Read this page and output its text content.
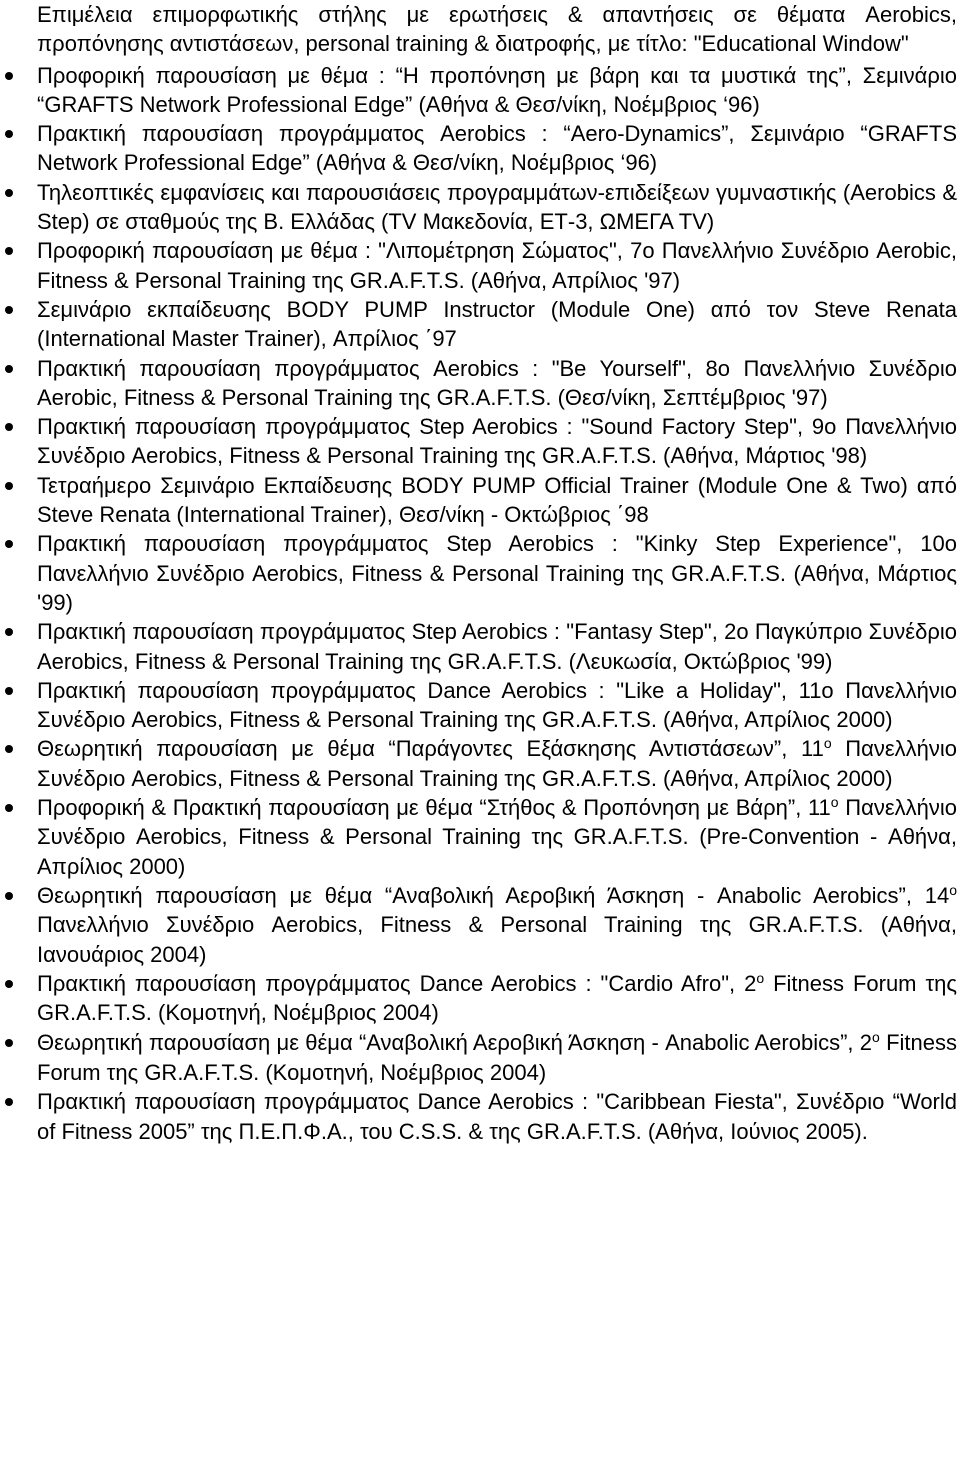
Επιμέλεια επιμορφωτικής στήλης με ερωτήσεις & απαντήσεις σε θέματα Aerobics, προπόνησης αντιστάσεων, personal training & διατροφής, με τίτλο: "Educational Window"
Προφορική παρουσίαση με θέμα : “Η προπόνηση με βάρη και τα μυστικά της”, Σεμινάριο “GRAFTS Network Professional Edge” (Αθήνα & Θεσ/νίκη, Νοέμβριος ‘96)
Πρακτική παρουσίαση προγράμματος Aerobics : “Aero-Dynamics”, Σεμινάριο “GRAFTS Network Professional Edge” (Αθήνα & Θεσ/νίκη, Νοέμβριος ‘96)
Τηλεοπτικές εμφανίσεις και παρουσιάσεις προγραμμάτων-επιδείξεων γυμναστικής (Aerobics & Step) σε σταθμούς της Β. Ελλάδας (TV Μακεδονία, ΕΤ-3, ΩΜΕΓΑ TV)
Προφορική παρουσίαση με θέμα : "Λιπομέτρηση Σώματος", 7ο Πανελλήνιο Συνέδριο Aerobic, Fitness & Personal Training της GR.A.F.T.S. (Αθήνα, Απρίλιος '97)
Σεμινάριο εκπαίδευσης BODY PUMP Instructor (Module One) από τον Steve Renata (International Master Trainer), Απρίλιος ΄97
Πρακτική παρουσίαση προγράμματος Aerobics : "Be Yourself", 8ο Πανελλήνιο Συνέδριο Aerobic, Fitness & Personal Training της GR.A.F.T.S. (Θεσ/νίκη, Σεπτέμβριος '97)
Πρακτική παρουσίαση προγράμματος Step Aerobics : "Sound Factory Step", 9ο Πανελλήνιο Συνέδριο Aerobics, Fitness & Personal Training της GR.A.F.T.S. (Αθήνα, Μάρτιος '98)
Τετραήμερο Σεμινάριο Εκπαίδευσης BODY PUMP Official Trainer (Module One & Two) από Steve Renata (International Trainer), Θεσ/νίκη - Οκτώβριος ΄98
Πρακτική παρουσίαση προγράμματος Step Aerobics : "Kinky Step Experience", 10ο Πανελλήνιο Συνέδριο Aerobics, Fitness & Personal Training της GR.A.F.T.S. (Αθήνα, Μάρτιος '99)
Πρακτική παρουσίαση προγράμματος Step Aerobics : "Fantasy Step", 2ο Παγκύπριο Συνέδριο Aerobics, Fitness & Personal Training της GR.A.F.T.S. (Λευκωσία, Οκτώβριος '99)
Πρακτική παρουσίαση προγράμματος Dance Aerobics : "Like a Holiday", 11ο Πανελλήνιο Συνέδριο Aerobics, Fitness & Personal Training της GR.A.F.T.S. (Αθήνα, Απρίλιος 2000)
Θεωρητική παρουσίαση με θέμα “Παράγοντες Εξάσκησης Αντιστάσεων”, $11^o$ Πανελλήνιο Συνέδριο Aerobics, Fitness & Personal Training της GR.A.F.T.S. (Αθήνα, Απρίλιος 2000)
Προφορική & Πρακτική παρουσίαση με θέμα “Στήθος & Προπόνηση με Βάρη”, $11^o$ Πανελλήνιο Συνέδριο Aerobics, Fitness & Personal Training της GR.A.F.T.S. (Pre-Convention - Αθήνα, Απρίλιος 2000)
Θεωρητική παρουσίαση με θέμα “Αναβολική Αεροβική Άσκηση - Anabolic Aerobics”, $14^o$ Πανελλήνιο Συνέδριο Aerobics, Fitness & Personal Training της GR.A.F.T.S. (Αθήνα, Ιανουάριος 2004)
Πρακτική παρουσίαση προγράμματος Dance Aerobics : "Cardio Afro", $2^o$ Fitness Forum της GR.A.F.T.S. (Κομοτηνή, Νοέμβριος 2004)
Θεωρητική παρουσίαση με θέμα “Αναβολική Αεροβική Άσκηση - Anabolic Aerobics”, $2^o$ Fitness Forum της GR.A.F.T.S. (Κομοτηνή, Νοέμβριος 2004)
Πρακτική παρουσίαση προγράμματος Dance Aerobics : "Caribbean Fiesta", Συνέδριο “World of Fitness 2005” της Π.Ε.Π.Φ.Α., του C.S.S. & της GR.A.F.T.S. (Αθήνα, Ιούνιος 2005).
